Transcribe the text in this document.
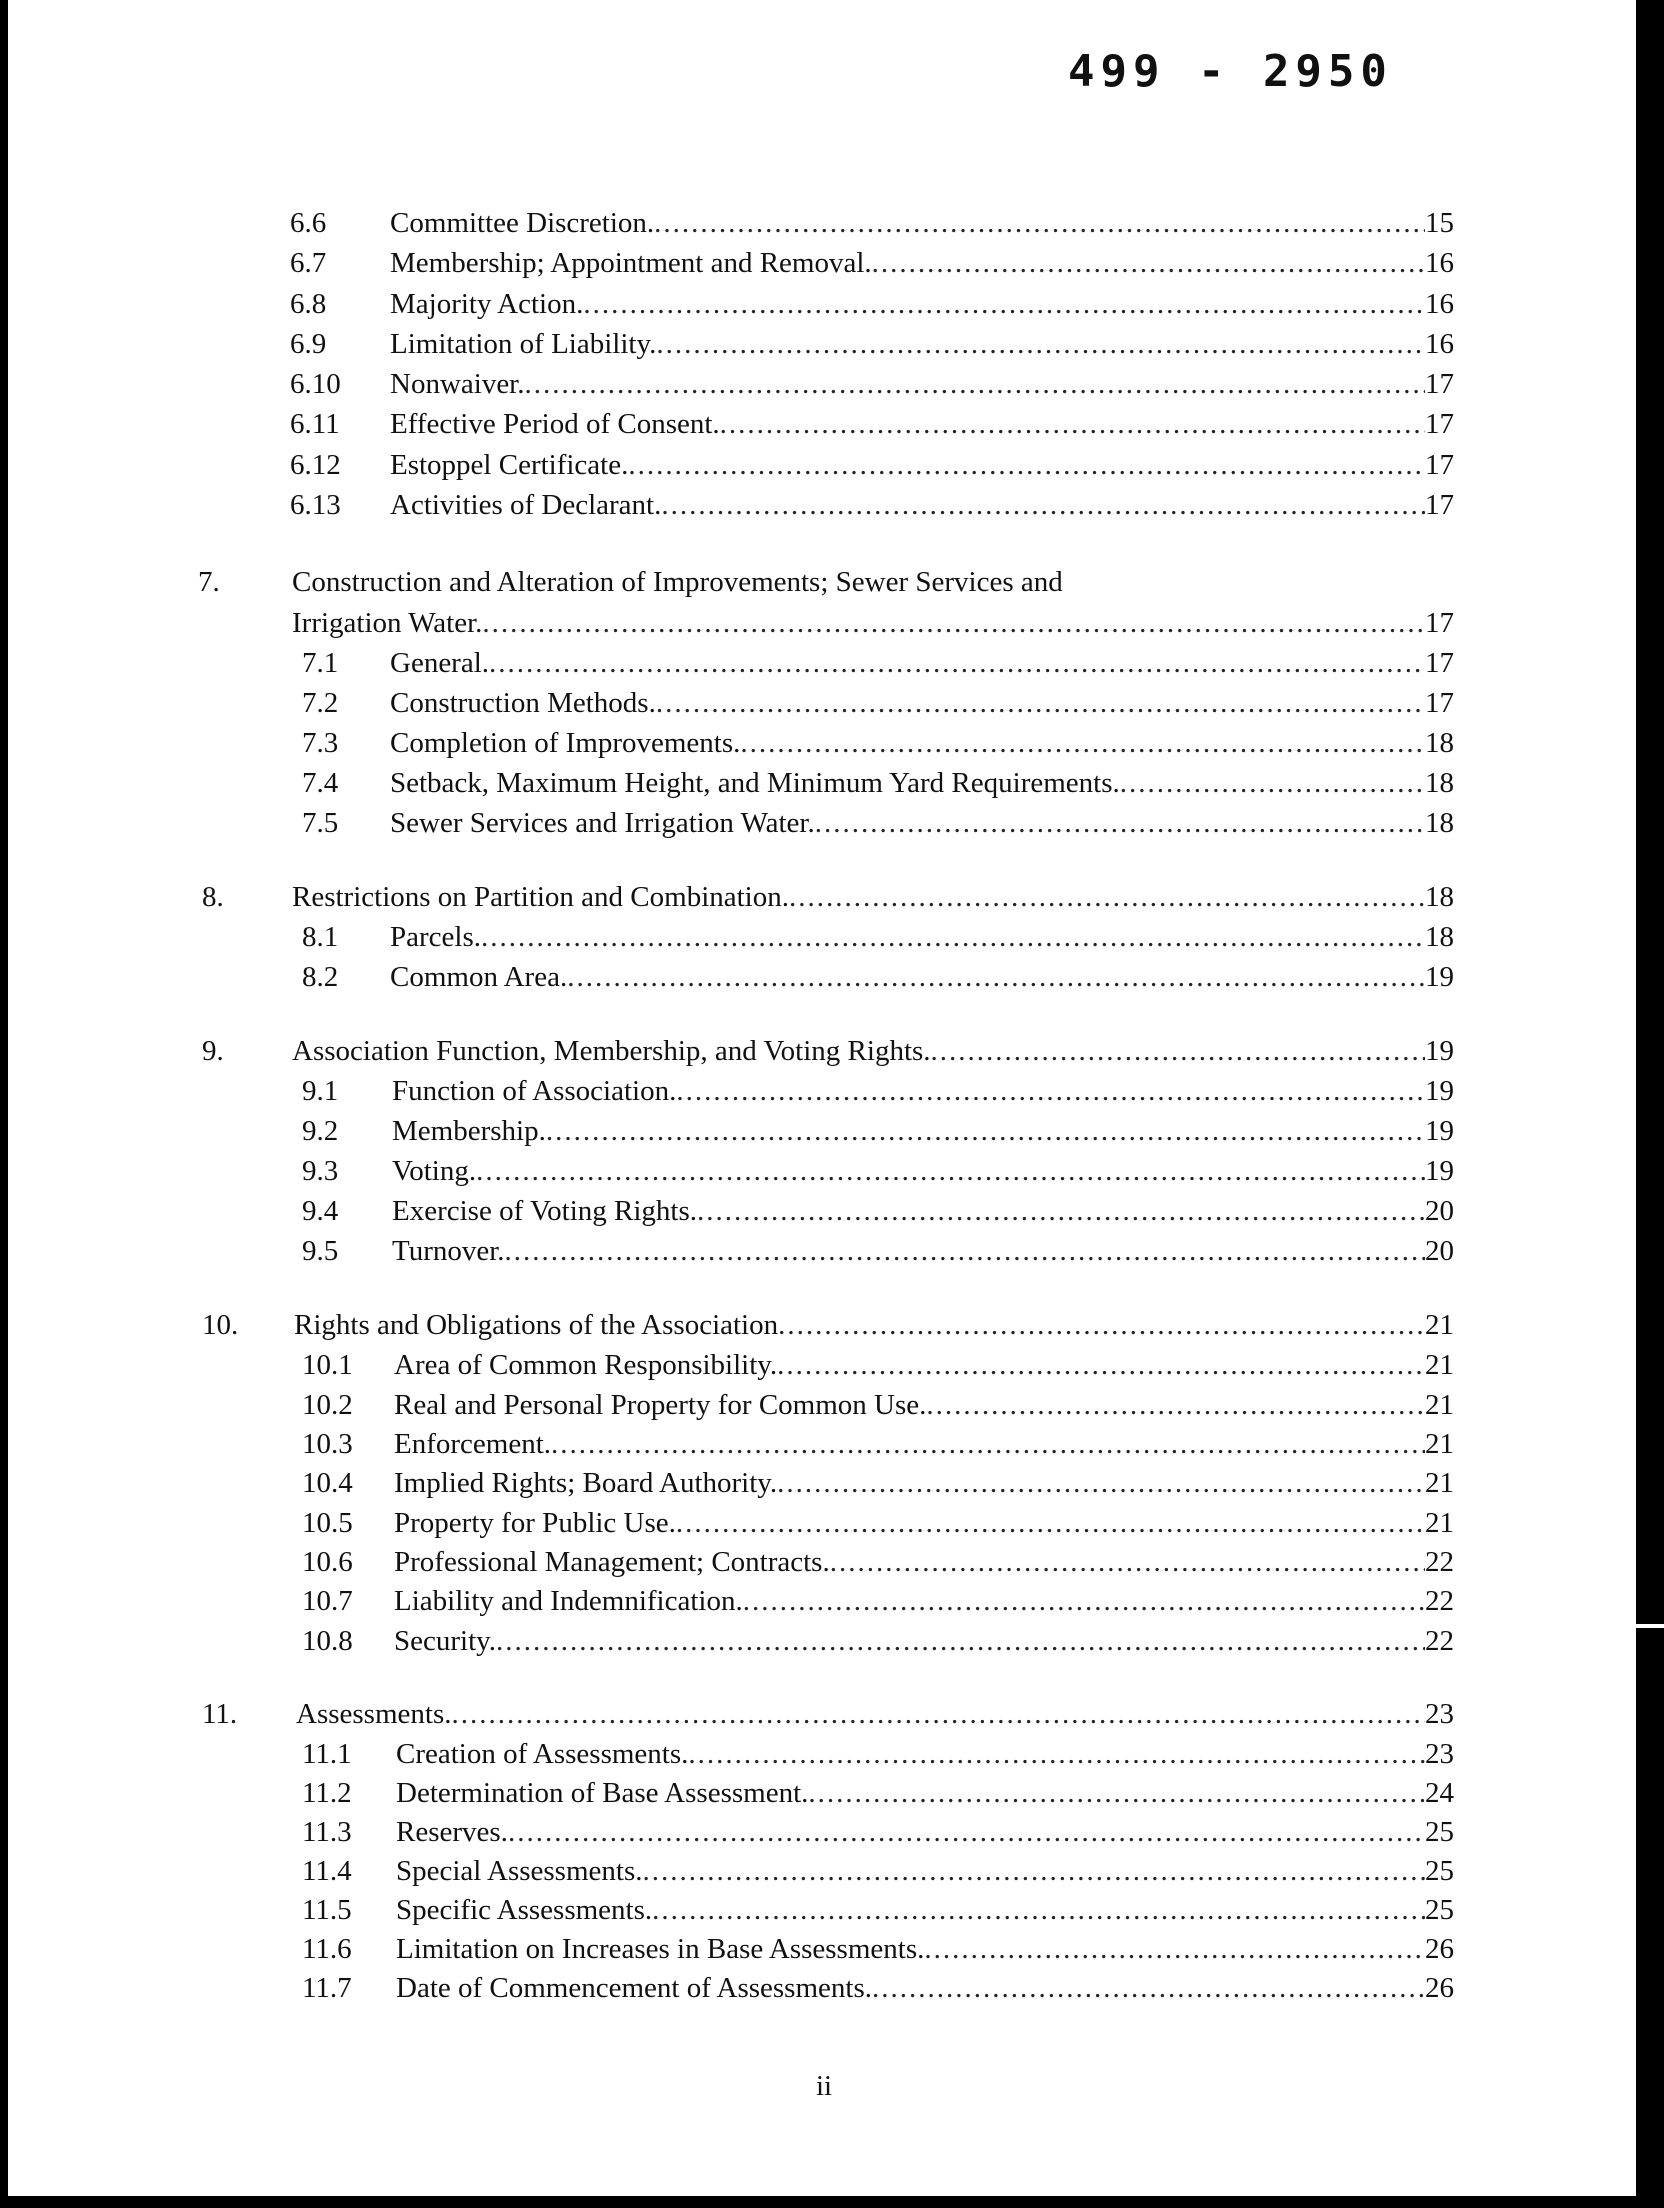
499 - 2950
6.6 Committee Discretion. .....	15
6.7 Membership; Appointment and Removal. .....	16
6.8 Majority Action. .....	16
6.9 Limitation of Liability. .....	16
6.10 Nonwaiver. .....	17
6.11 Effective Period of Consent. .....	17
6.12 Estoppel Certificate. .....	17
6.13 Activities of Declarant. .....	17
7. Construction and Alteration of Improvements; Sewer Services and
Irrigation Water. .....	17
7.1 General. .....	17
7.2 Construction Methods. .....	17
7.3 Completion of Improvements. .....	18
7.4 Setback, Maximum Height, and Minimum Yard Requirements. .....	18
7.5 Sewer Services and Irrigation Water. .....	18
8. Restrictions on Partition and Combination. .....	18
8.1 Parcels. .....	18
8.2 Common Area. .....	19
9. Association Function, Membership, and Voting Rights. .....	19
9.1 Function of Association. .....	19
9.2 Membership. .....	19
9.3 Voting. .....	19
9.4 Exercise of Voting Rights. .....	20
9.5 Turnover. .....	20
10. Rights and Obligations of the Association .....	21
10.1 Area of Common Responsibility. .....	21
10.2 Real and Personal Property for Common Use. .....	21
10.3 Enforcement. .....	21
10.4 Implied Rights; Board Authority. .....	21
10.5 Property for Public Use. .....	21
10.6 Professional Management; Contracts. .....	22
10.7 Liability and Indemnification. .....	22
10.8 Security. .....	22
11. Assessments. .....	23
11.1 Creation of Assessments. .....	23
11.2 Determination of Base Assessment. .....	24
11.3 Reserves. .....	25
11.4 Special Assessments. .....	25
11.5 Specific Assessments. .....	25
11.6 Limitation on Increases in Base Assessments. .....	26
11.7 Date of Commencement of Assessments. .....	26
ii
